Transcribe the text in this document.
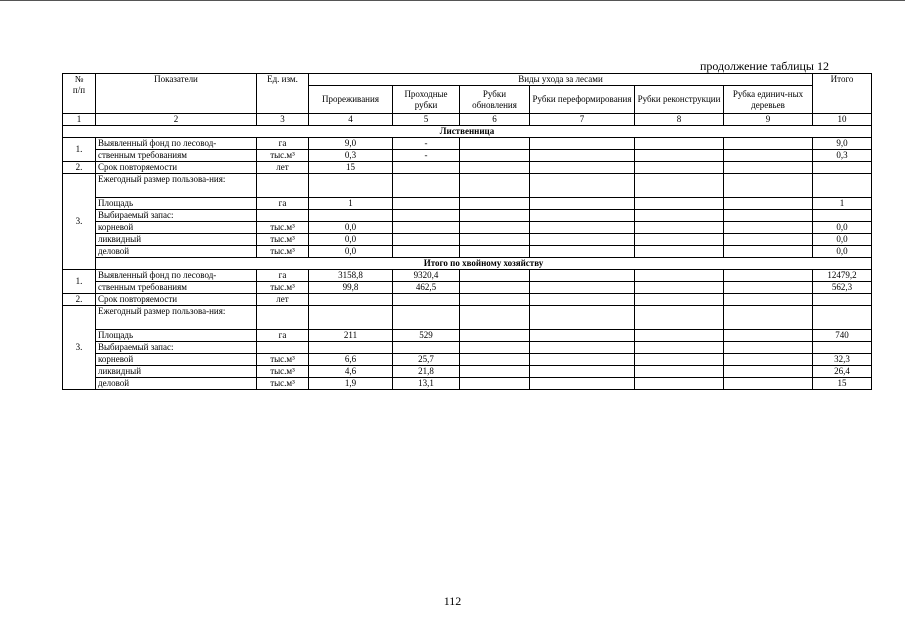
продолжение таблицы 12
№
п/п	Показатели	Ед. изм.	Виды ухода за лесами						Итого
			Прореживания	Проходные рубки	Рубки обновления	Рубки переформирования	Рубки реконструкции	Рубка единич-ных деревьев	
1	2	3	4	5	6	7	8	9	10
Лиственница									
1.	Выявленный фонд по лесовод-	га	9,0	-					9,0
	ственным требованиям	тыс.м³	0,3	-					0,3
2.	Срок повторяемости	лет	15						
3.	Ежегодный размер пользова-ния:								
	Площадь	га	1						1
	Выбираемый запас:								
	корневой	тыс.м³	0,0						0,0
	ликвидный	тыс.м³	0,0						0,0
	деловой	тыс.м³	0,0						0,0
	Итого по хвойному хозяйству								
1.	Выявленный фонд по лесовод-	га	3158,8	9320,4					12479,2
	ственным требованиям	тыс.м³	99,8	462,5					562,3
2.	Срок повторяемости	лет							
3.	Ежегодный размер пользова-ния:								
	Площадь	га	211	529					740
	Выбираемый запас:								
	корневой	тыс.м³	6,6	25,7					32,3
	ликвидный	тыс.м³	4,6	21,8					26,4
	деловой	тыс.м³	1,9	13,1					15
112
